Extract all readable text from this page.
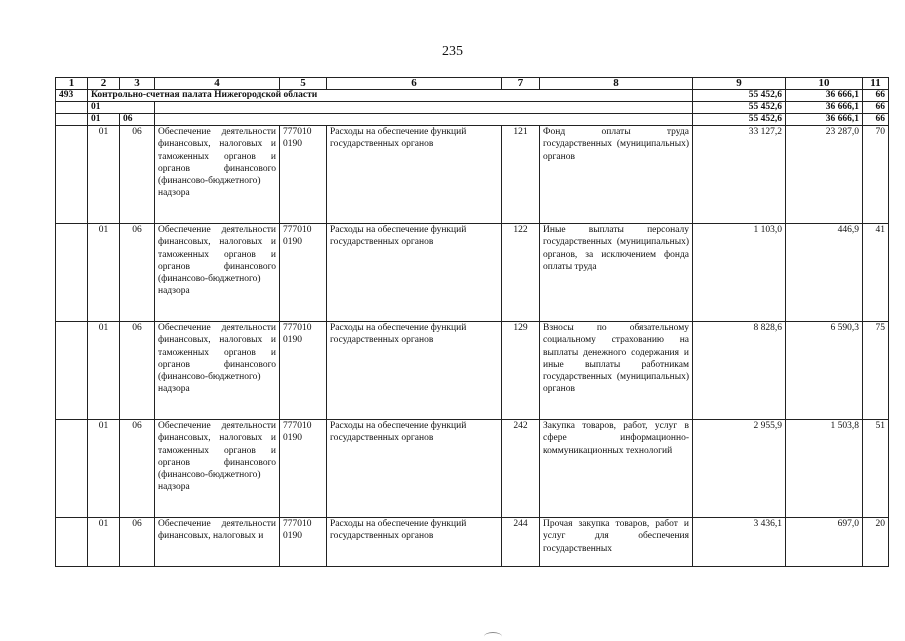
235
1	2	3	4	5	6	7	8	9	10	11
493	Контрольно-счетная палата Нижегородской области							55 452,6	36 666,1	66
	01							55 452,6	36 666,1	66
	01	06						55 452,6	36 666,1	66
	01	06	Обеспечение деятельности финансовых, налоговых и таможенных органов и органов финансового (финансово-бюджетного) надзора	777010 0190	Расходы на обеспечение функций государственных органов	121	Фонд оплаты труда государственных (муниципальных) органов	33 127,2	23 287,0	70
	01	06	Обеспечение деятельности финансовых, налоговых и таможенных органов и органов финансового (финансово-бюджетного) надзора	777010 0190	Расходы на обеспечение функций государственных органов	122	Иные выплаты персоналу государственных (муниципальных) органов, за исключением фонда оплаты труда	1 103,0	446,9	41
	01	06	Обеспечение деятельности финансовых, налоговых и таможенных органов и органов финансового (финансово-бюджетного) надзора	777010 0190	Расходы на обеспечение функций государственных органов	129	Взносы по обязательному социальному страхованию на выплаты денежного содержания и иные выплаты работникам государственных (муниципальных) органов	8 828,6	6 590,3	75
	01	06	Обеспечение деятельности финансовых, налоговых и таможенных органов и органов финансового (финансово-бюджетного) надзора	777010 0190	Расходы на обеспечение функций государственных органов	242	Закупка товаров, работ, услуг в сфере информационно-коммуникационных технологий	2 955,9	1 503,8	51
	01	06	Обеспечение деятельности финансовых, налоговых и	777010 0190	Расходы на обеспечение функций государственных органов	244	Прочая закупка товаров, работ и услуг для обеспечения государственных	3 436,1	697,0	20
